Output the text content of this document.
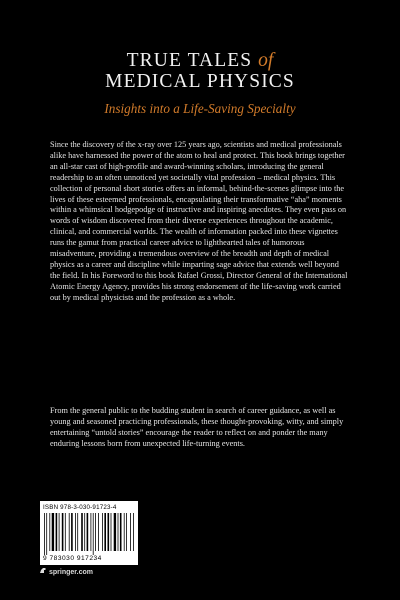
TRUE TALES of
MEDICAL PHYSICS
Insights into a Life-Saving Specialty

Since the discovery of the x-ray over 125 years ago, scientists and medical professionals alike have harnessed the power of the atom to heal and protect. This book brings together an all-star cast of high-profile and award-winning scholars, introducing the general readership to an often unnoticed yet societally vital profession – medical physics. This collection of personal short stories offers an informal, behind-the-scenes glimpse into the lives of these esteemed professionals, encapsulating their transformative “aha” moments within a whimsical hodgepodge of instructive and inspiring anecdotes. They even pass on words of wisdom discovered from their diverse experiences throughout the academic, clinical, and commercial worlds. The wealth of information packed into these vignettes runs the gamut from practical career advice to lighthearted tales of humorous misadventure, providing a tremendous overview of the breadth and depth of medical physics as a career and discipline while imparting sage advice that extends well beyond the field. In his Foreword to this book Rafael Grossi, Director General of the International Atomic Energy Agency, provides his strong endorsement of the life-saving work carried out by medical physicists and the profession as a whole.

From the general public to the budding student in search of career guidance, as well as young and seasoned practicing professionals, these thought-provoking, witty, and simply entertaining “untold stories” encourage the reader to reflect on and ponder the many enduring lessons born from unexpected life-turning events.

ISBN 978-3-030-91723-4
9 783030 917234
springer.com
